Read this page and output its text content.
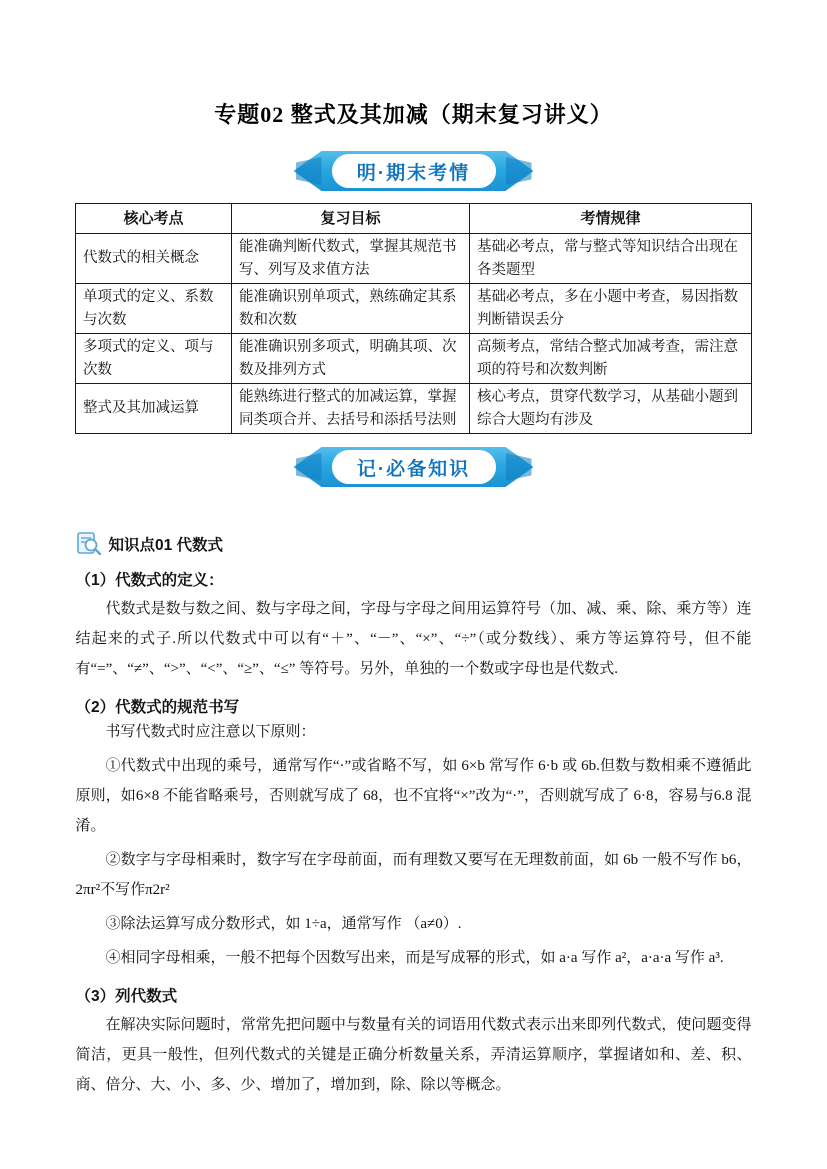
专题02 整式及其加减（期末复习讲义）
明·期末考情
核心考点	复习目标	考情规律
代数式的相关概念	能准确判断代数式，掌握其规范书写、列写及求值方法	基础必考点，常与整式等知识结合出现在各类题型
单项式的定义、系数与次数	能准确识别单项式，熟练确定其系数和次数	基础必考点，多在小题中考查，易因指数判断错误丢分
多项式的定义、项与次数	能准确识别多项式，明确其项、次数及排列方式	高频考点，常结合整式加减考查，需注意项的符号和次数判断
整式及其加减运算	能熟练进行整式的加减运算，掌握同类项合并、去括号和添括号法则	核心考点，贯穿代数学习，从基础小题到综合大题均有涉及
记·必备知识
知识点01 代数式
（1）代数式的定义：
代数式是数与数之间、数与字母之间，字母与字母之间用运算符号（加、减、乘、除、乘方等）连结起来的式子.所以代数式中可以有“＋”、“－”、“×”、“÷”（或分数线）、乘方等运算符号，但不能有“=”、“≠”、“>”、“<”、“≥”、“≤” 等符号。另外，单独的一个数或字母也是代数式.
（2）代数式的规范书写
书写代数式时应注意以下原则：
①代数式中出现的乘号，通常写作“·”或省略不写，如 6×b 常写作 6·b 或 6b.但数与数相乘不遵循此原则，如6×8 不能省略乘号，否则就写成了 68，也不宜将“×”改为“·”，否则就写成了 6·8，容易与6.8 混淆。
②数字与字母相乘时，数字写在字母前面，而有理数又要写在无理数前面，如 6b 一般不写作 b6，2πr²不写作π2r²
③除法运算写成分数形式，如 1÷a，通常写作 （a≠0）.
④相同字母相乘，一般不把每个因数写出来，而是写成幂的形式，如 a·a 写作 a²，a·a·a 写作 a³.
（3）列代数式
在解决实际问题时，常常先把问题中与数量有关的词语用代数式表示出来即列代数式，使问题变得简洁，更具一般性，但列代数式的关键是正确分析数量关系，弄清运算顺序，掌握诸如和、差、积、商、倍分、大、小、多、少、增加了，增加到，除、除以等概念。
